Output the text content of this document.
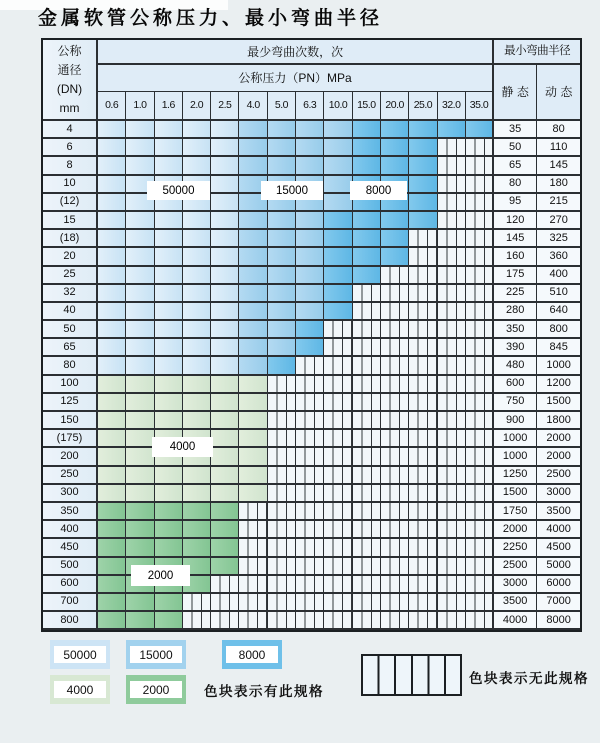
金属软管公称压力、最小弯曲半径
公称
通径
(DN)
mm
最少弯曲次数，次	最小弯曲半径
公称压力（PN）MPa
静 态	动 态
0.6	1.0	1.6	2.0	2.5	4.0	5.0	6.3	10.0 15.0 20.0 25.0 32.0 35.0
4	35	80
6	50	110
8	65	145
10	80	180
(12)	95	215
15	120	270
(18)	145	325
20	160	360
25	175	400
32	225	510
40	280	640
50	350	800
65	390	845
80	480	1000
100	600	1200
125	750	1500
150	900	1800
(175)	1000	2000
200	1000	2000
250	1250	2500
300	1500	3000
350	1750	3500
400	2000	4000
450	2250	4500
500	2500	5000
600	3000	6000
700	3500	7000
800	4000	8000
50000	15000	8000
4000
2000
50000	15000	8000
4000	2000	色块表示有此规格
色块表示无此规格
